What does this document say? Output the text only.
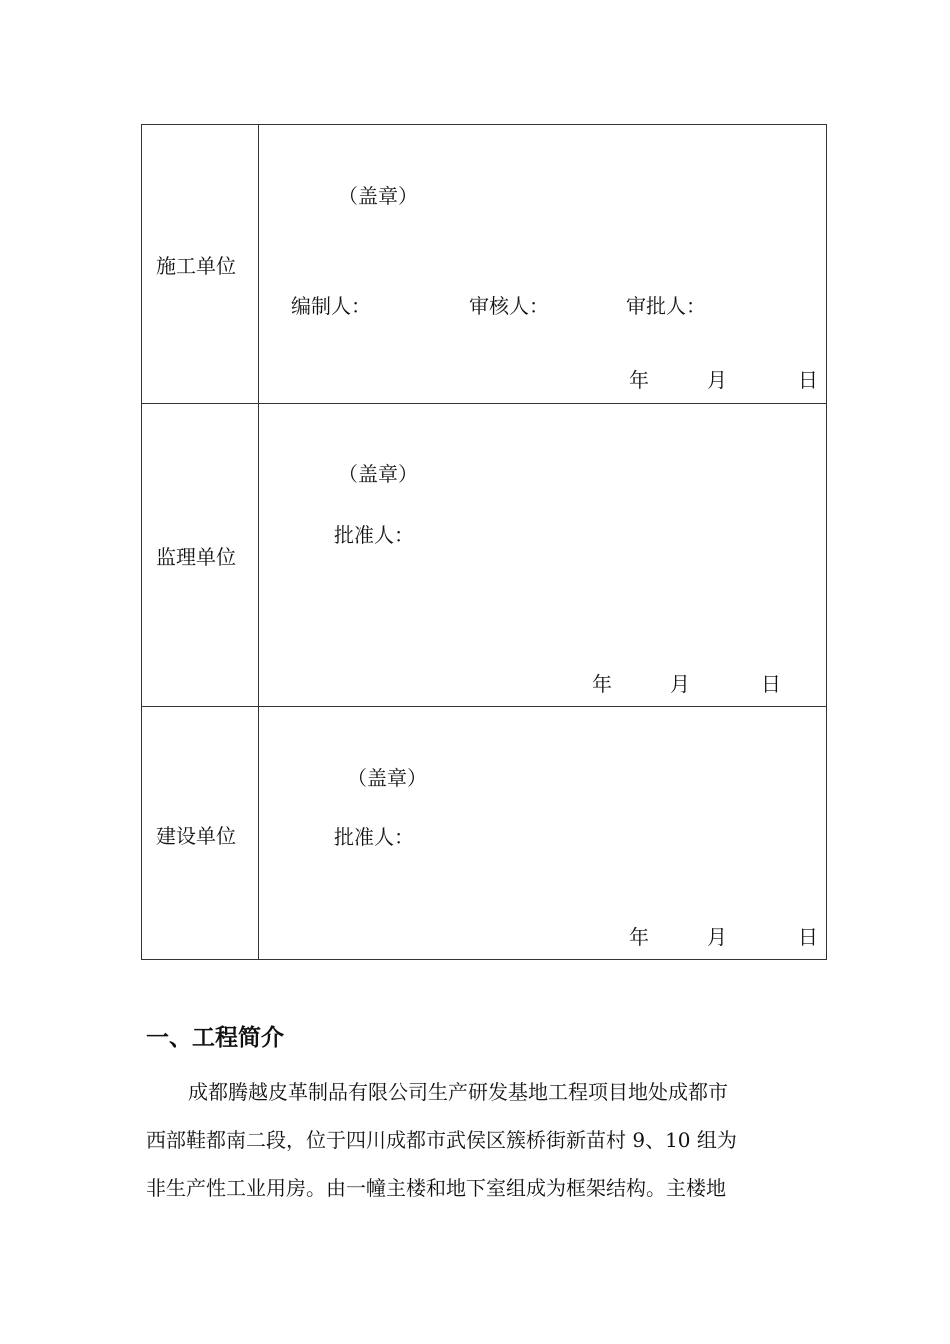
施工单位
（盖章）
编制人：	审核人：	审批人：
年	月	日
监理单位
（盖章）
批准人：
年	月	日
建设单位
（盖章）
批准人：
年	月	日
一、工程简介
成都腾越皮革制品有限公司生产研发基地工程项目地处成都市
西部鞋都南二段，位于四川成都市武侯区簇桥街新苗村 9、10 组为
非生产性工业用房。由一幢主楼和地下室组成为框架结构。主楼地
